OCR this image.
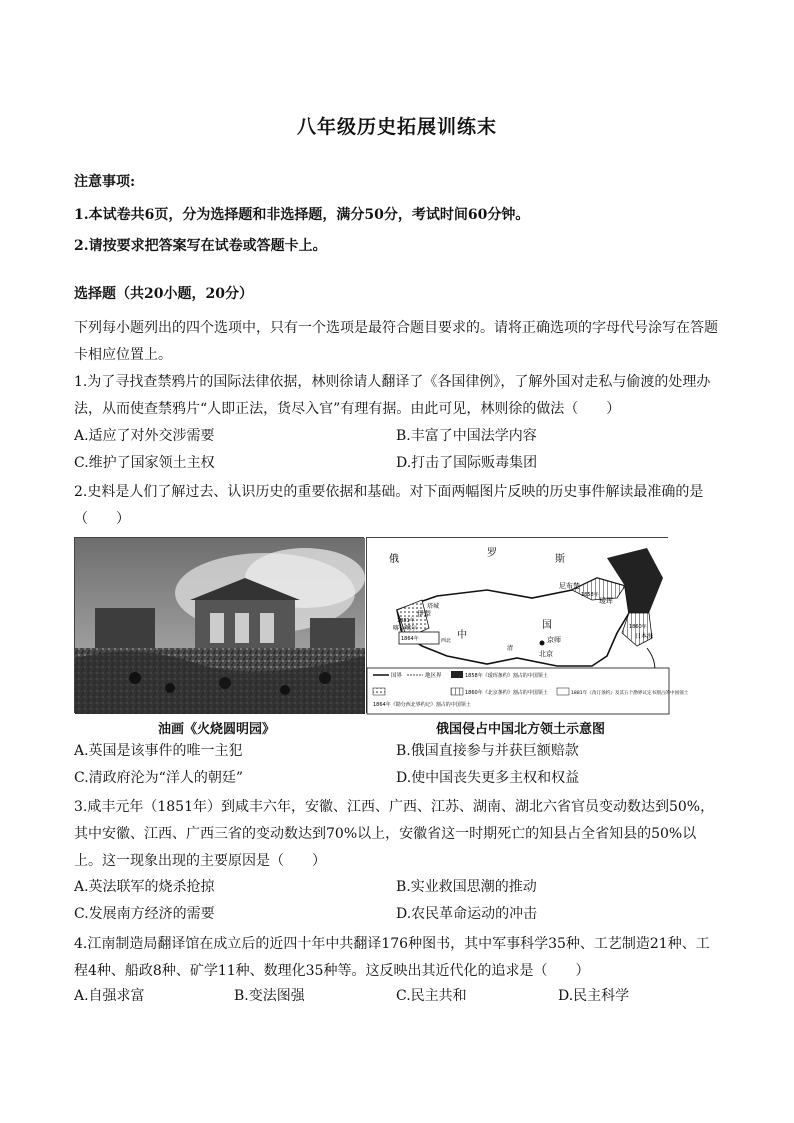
八年级历史拓展训练末
注意事项:
1.本试卷共6页，分为选择题和非选择题，满分50分，考试时间60分钟。
2.请按要求把答案写在试卷或答题卡上。
选择题（共20小题，20分）
下列每小题列出的四个选项中，只有一个选项是最符合题目要求的。请将正确选项的字母代号涂写在答题卡相应位置上。
1.为了寻找查禁鸦片的国际法律依据，林则徐请人翻译了《各国律例》，了解外国对走私与偷渡的处理办法，从而使查禁鸦片“人即正法，货尽入官”有理有据。由此可见，林则徐的做法（　　）
A.适应了对外交涉需要	B.丰富了中国法学内容
C.维护了国家领土主权	D.打击了国际贩毒集团
2.史料是人们了解过去、认识历史的重要依据和基础。对下面两幅图片反映的历史事件解读最准确的是（　　）
俄
罗
斯
尼布楚
瑷珲
伊犁
喀什噶尔
塔城
北京
京师
中
国
日本海
1858年
1860年
1864年
1881年
清
西北
国界	地区界	1858年《瑷珲条约》割占的中国领土
1860年《北京条约》割占的中国领土
1864年《勘分西北界约记》割占的中国领土
1881年《改订条约》及其五个勘界议定书割占的中国领土
油画《火烧圆明园》	俄国侵占中国北方领土示意图
A.英国是该事件的唯一主犯	B.俄国直接参与并获巨额赔款
C.清政府沦为“洋人的朝廷”	D.使中国丧失更多主权和权益
3.咸丰元年（1851年）到咸丰六年，安徽、江西、广西、江苏、湖南、湖北六省官员变动数达到50%，其中安徽、江西、广西三省的变动数达到70%以上，安徽省这一时期死亡的知县占全省知县的50%以上。这一现象出现的主要原因是（　　）
A.英法联军的烧杀抢掠	B.实业救国思潮的推动
C.发展南方经济的需要	D.农民革命运动的冲击
4.江南制造局翻译馆在成立后的近四十年中共翻译176种图书，其中军事科学35种、工艺制造21种、工程4种、船政8种、矿学11种、数理化35种等。这反映出其近代化的追求是（　　）
A.自强求富	B.变法图强	C.民主共和	D.民主科学
